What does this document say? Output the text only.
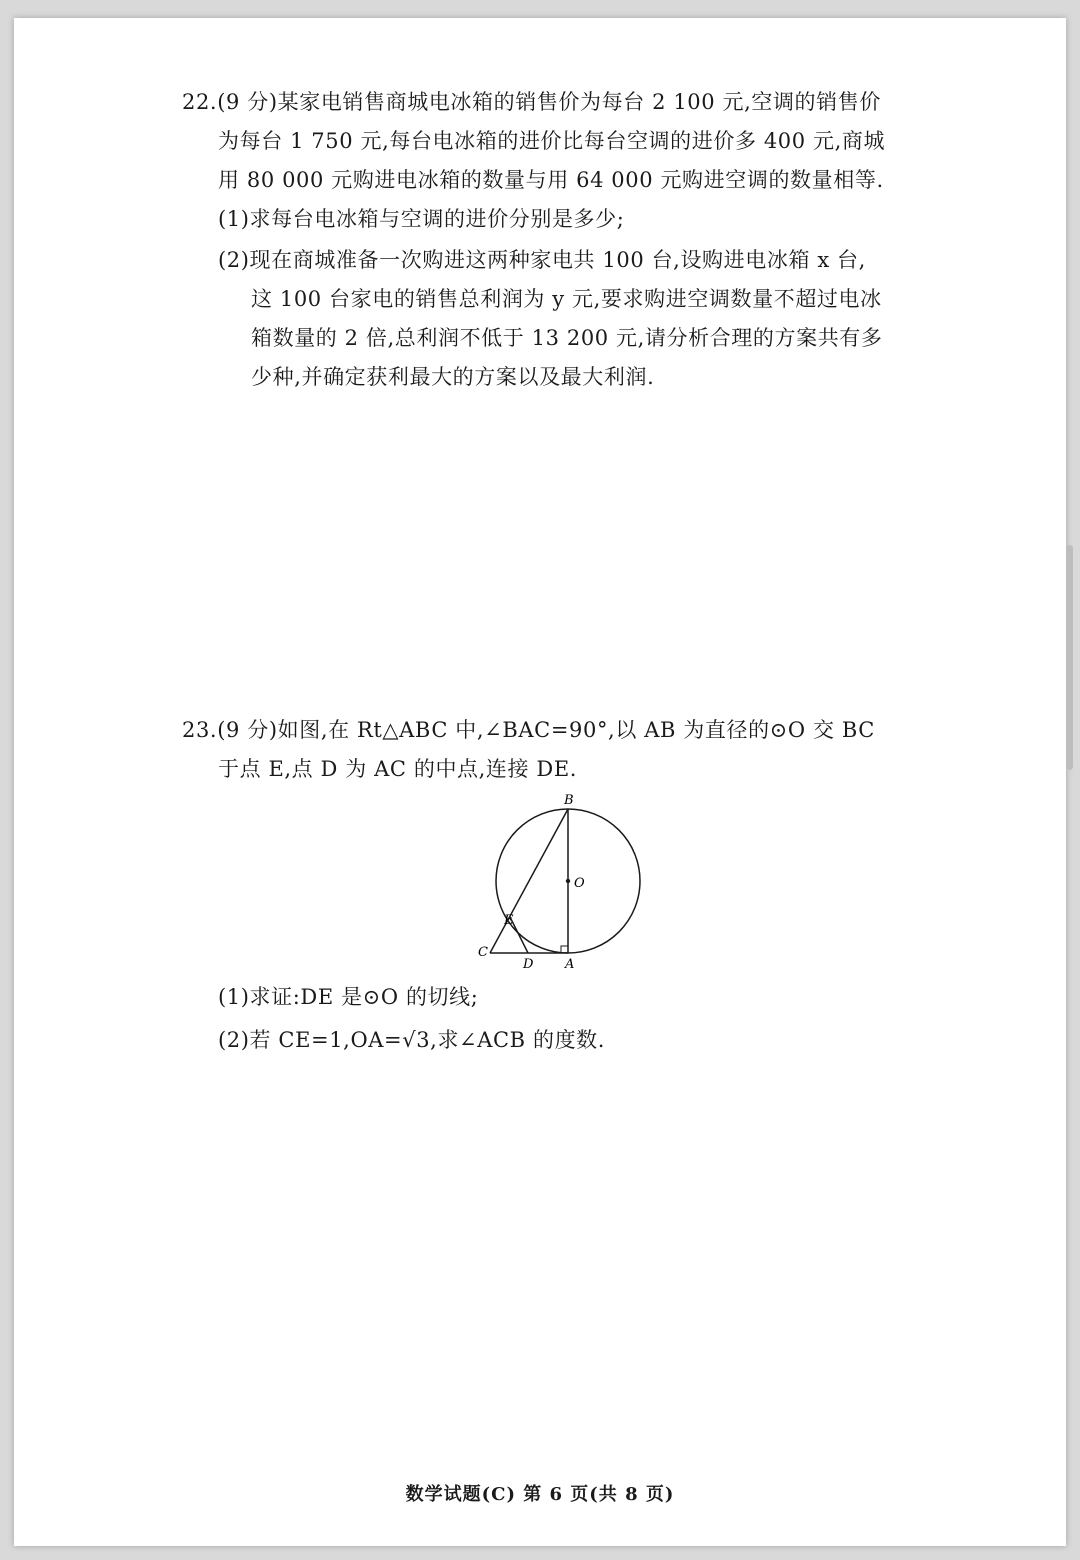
22.(9 分)某家电销售商城电冰箱的销售价为每台 2 100 元,空调的销售价
为每台 1 750 元,每台电冰箱的进价比每台空调的进价多 400 元,商城
用 80 000 元购进电冰箱的数量与用 64 000 元购进空调的数量相等.
(1)求每台电冰箱与空调的进价分别是多少;
(2)现在商城准备一次购进这两种家电共 100 台,设购进电冰箱 x 台,
这 100 台家电的销售总利润为 y 元,要求购进空调数量不超过电冰
箱数量的 2 倍,总利润不低于 13 200 元,请分析合理的方案共有多
少种,并确定获利最大的方案以及最大利润.
23.(9 分)如图,在 Rt△ABC 中,∠BAC=90°,以 AB 为直径的⊙O 交 BC
于点 E,点 D 为 AC 的中点,连接 DE.
B
O
E
C
D A
(1)求证:DE 是⊙O 的切线;
(2)若 CE=1,OA=√3,求∠ACB 的度数.
数学试题(C) 第 6 页(共 8 页)
